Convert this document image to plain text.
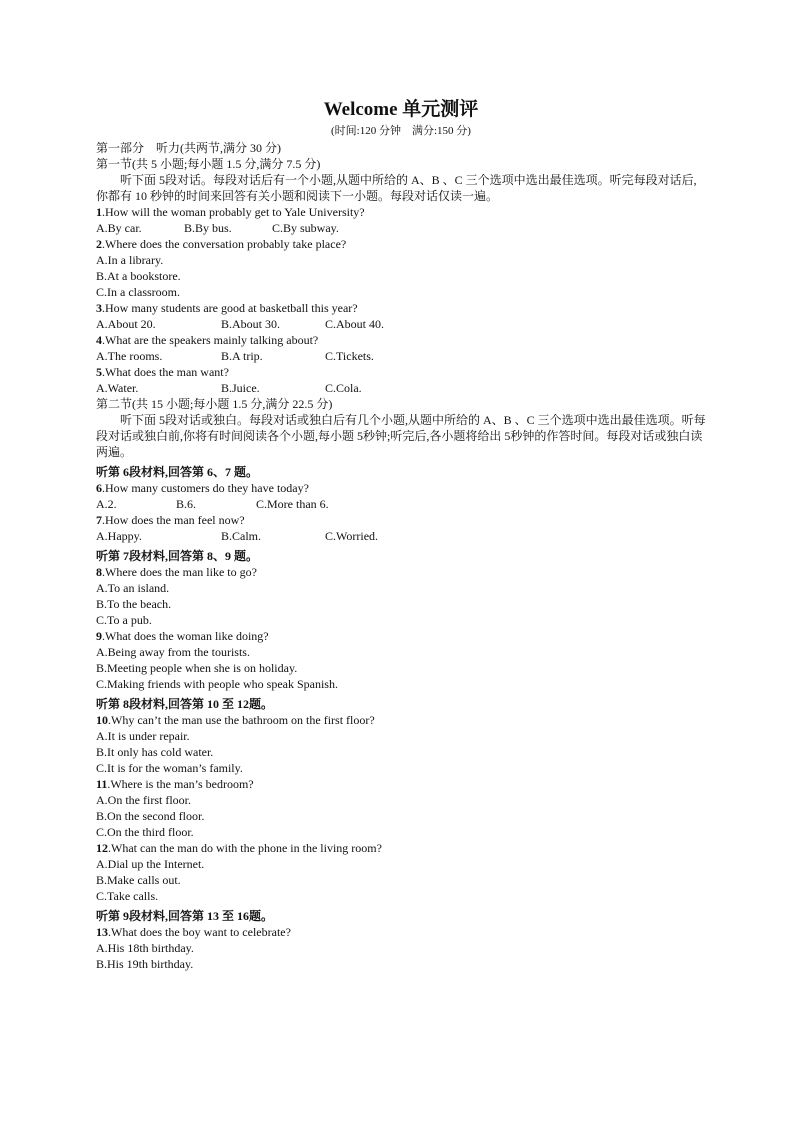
Welcome 单元测评
(时间:120 分钟　满分:150 分)
第一部分　听力(共两节,满分 30 分)
第一节(共 5 小题;每小题 1.5 分,满分 7.5 分)
听下面 5段对话。每段对话后有一个小题,从题中所给的 A、B 、C 三个选项中选出最佳选项。听完每段对话后,你都有 10 秒钟的时间来回答有关小题和阅读下一小题。每段对话仅读一遍。
1.How will the woman probably get to Yale University?
A.By car.	B.By bus.	C.By subway.
2.Where does the conversation probably take place?
A.In a library.
B.At a bookstore.
C.In a classroom.
3.How many students are good at basketball this year?
A.About 20.	B.About 30.	C.About 40.
4.What are the speakers mainly talking about?
A.The rooms.	B.A trip.	C.Tickets.
5.What does the man want?
A.Water.	B.Juice.	C.Cola.
第二节(共 15 小题;每小题 1.5 分,满分 22.5 分)
听下面 5段对话或独白。每段对话或独白后有几个小题,从题中所给的 A、B 、C 三个选项中选出最佳选项。听每段对话或独白前,你将有时间阅读各个小题,每小题 5秒钟;听完后,各小题将给出 5秒钟的作答时间。每段对话或独白读两遍。
听第 6段材料,回答第 6、7 题。
6.How many customers do they have today?
A.2.	B.6.	C.More than 6.
7.How does the man feel now?
A.Happy.	B.Calm.	C.Worried.
听第 7段材料,回答第 8、9 题。
8.Where does the man like to go?
A.To an island.
B.To the beach.
C.To a pub.
9.What does the woman like doing?
A.Being away from the tourists.
B.Meeting people when she is on holiday.
C.Making friends with people who speak Spanish.
听第 8段材料,回答第 10 至 12题。
10.Why can’t the man use the bathroom on the first floor?
A.It is under repair.
B.It only has cold water.
C.It is for the woman’s family.
11.Where is the man’s bedroom?
A.On the first floor.
B.On the second floor.
C.On the third floor.
12.What can the man do with the phone in the living room?
A.Dial up the Internet.
B.Make calls out.
C.Take calls.
听第 9段材料,回答第 13 至 16题。
13.What does the boy want to celebrate?
A.His 18th birthday.
B.His 19th birthday.
